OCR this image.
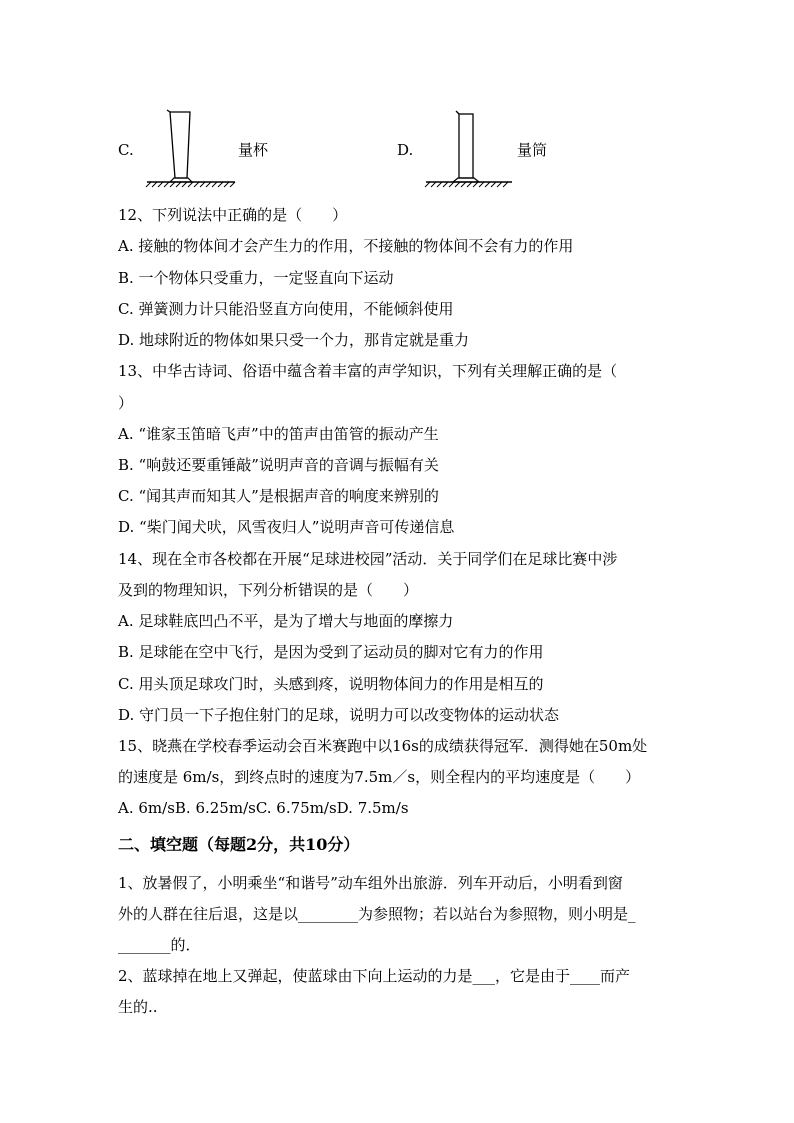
C.	量杯	D.	量筒
12、下列说法中正确的是（　　）
A. 接触的物体间才会产生力的作用，不接触的物体间不会有力的作用
B. 一个物体只受重力，一定竖直向下运动
C. 弹簧测力计只能沿竖直方向使用，不能倾斜使用
D. 地球附近的物体如果只受一个力，那肯定就是重力
13、中华古诗词、俗语中蕴含着丰富的声学知识，下列有关理解正确的是（
）
A. “谁家玉笛暗飞声”中的笛声由笛管的振动产生
B. “响鼓还要重锤敲”说明声音的音调与振幅有关
C. “闻其声而知其人”是根据声音的响度来辨别的
D. “柴门闻犬吠，风雪夜归人”说明声音可传递信息
14、现在全市各校都在开展“足球进校园”活动．关于同学们在足球比赛中涉
及到的物理知识，下列分析错误的是（　　）
A. 足球鞋底凹凸不平，是为了增大与地面的摩擦力
B. 足球能在空中飞行，是因为受到了运动员的脚对它有力的作用
C. 用头顶足球攻门时，头感到疼，说明物体间力的作用是相互的
D. 守门员一下子抱住射门的足球，说明力可以改变物体的运动状态
15、晓燕在学校春季运动会百米赛跑中以16s的成绩获得冠军．测得她在50m处
的速度是 6m/s，到终点时的速度为7.5m／s，则全程内的平均速度是（　　）
A. 6m/sB. 6.25m/sC. 6.75m/sD. 7.5m/s
二、填空题（每题2分，共10分）
1、放暑假了，小明乘坐“和谐号”动车组外出旅游．列车开动后，小明看到窗
外的人群在往后退，这是以________为参照物；若以站台为参照物，则小明是_
_______的．
2、蓝球掉在地上又弹起，使蓝球由下向上运动的力是___，它是由于____而产
生的..
